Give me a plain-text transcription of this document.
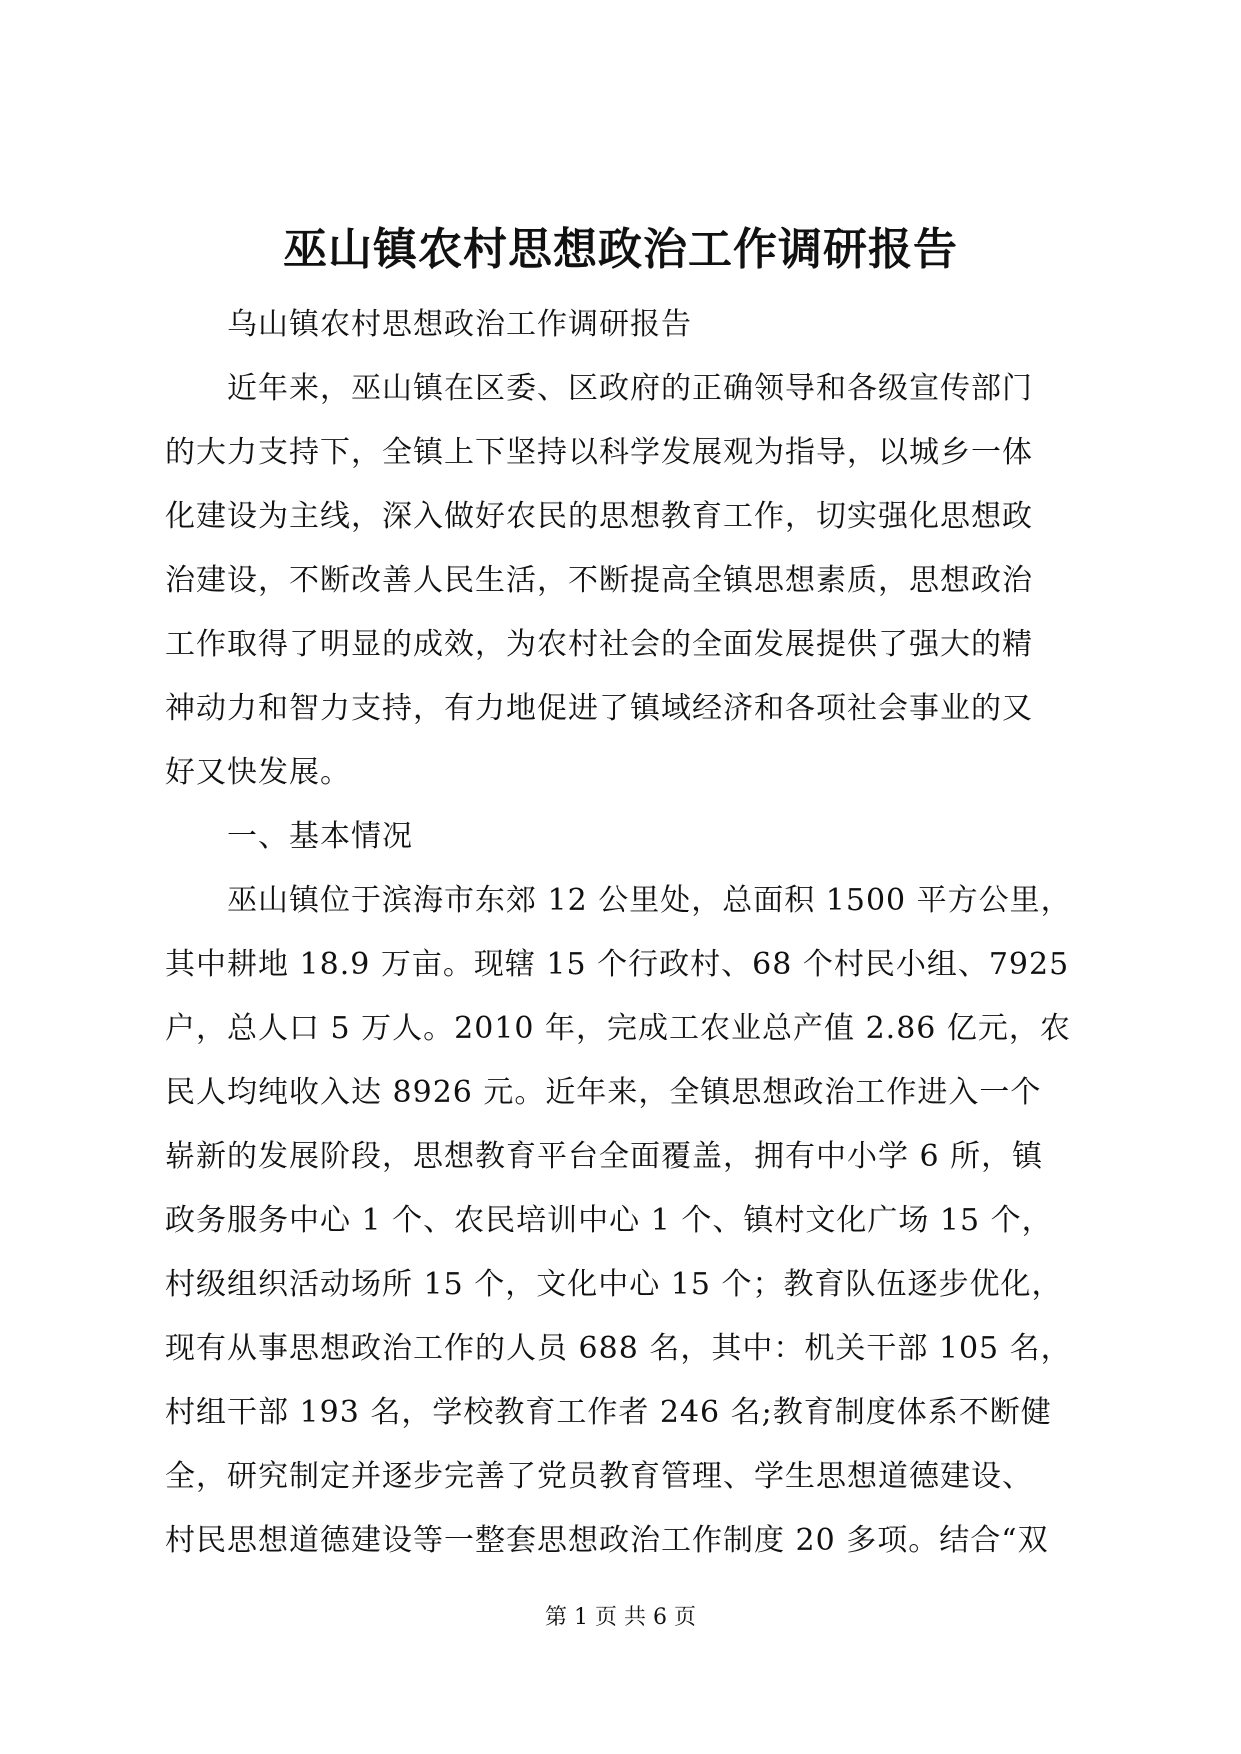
巫山镇农村思想政治工作调研报告
　　乌山镇农村思想政治工作调研报告
　　近年来，巫山镇在区委、区政府的正确领导和各级宣传部门
的大力支持下，全镇上下坚持以科学发展观为指导，以城乡一体
化建设为主线，深入做好农民的思想教育工作，切实强化思想政
治建设，不断改善人民生活，不断提高全镇思想素质，思想政治
工作取得了明显的成效，为农村社会的全面发展提供了强大的精
神动力和智力支持，有力地促进了镇域经济和各项社会事业的又
好又快发展。
　　一、基本情况
　　巫山镇位于滨海市东郊 12 公里处，总面积 1500 平方公里，
其中耕地 18.9 万亩。现辖 15 个行政村、68 个村民小组、7925
户，总人口 5 万人。2010 年，完成工农业总产值 2.86 亿元，农
民人均纯收入达 8926 元。近年来，全镇思想政治工作进入一个
崭新的发展阶段，思想教育平台全面覆盖，拥有中小学 6 所，镇
政务服务中心 1 个、农民培训中心 1 个、镇村文化广场 15 个，
村级组织活动场所 15 个，文化中心 15 个；教育队伍逐步优化，
现有从事思想政治工作的人员 688 名，其中：机关干部 105 名，
村组干部 193 名，学校教育工作者 246 名;教育制度体系不断健
全，研究制定并逐步完善了党员教育管理、学生思想道德建设、
村民思想道德建设等一整套思想政治工作制度 20 多项。结合“双
第 1 页 共 6 页
